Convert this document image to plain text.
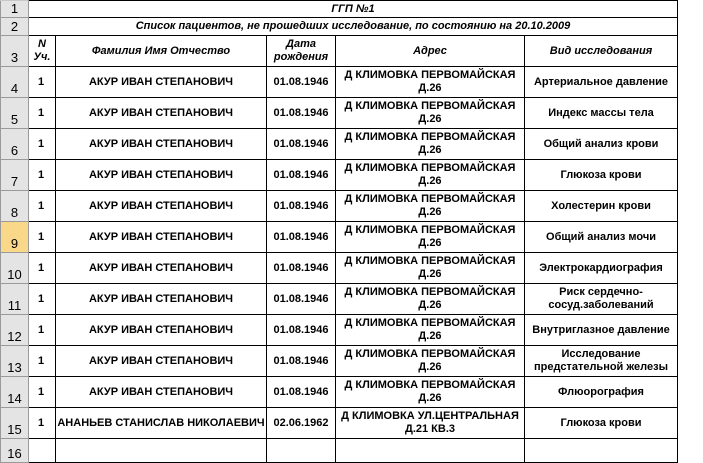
1	ГГП №1				
2	Список пациентов, не прошедших исследование, по состоянию на 20.10.2009				
3	N Уч.	Фамилия Имя Отчество	Дата рождения	Адрес	Вид исследования
4	1	АКУР ИВАН СТЕПАНОВИЧ	01.08.1946	Д КЛИМОВКА ПЕРВОМАЙСКАЯ Д.26	Артериальное давление
5	1	АКУР ИВАН СТЕПАНОВИЧ	01.08.1946	Д КЛИМОВКА ПЕРВОМАЙСКАЯ Д.26	Индекс массы тела
6	1	АКУР ИВАН СТЕПАНОВИЧ	01.08.1946	Д КЛИМОВКА ПЕРВОМАЙСКАЯ Д.26	Общий анализ крови
7	1	АКУР ИВАН СТЕПАНОВИЧ	01.08.1946	Д КЛИМОВКА ПЕРВОМАЙСКАЯ Д.26	Глюкоза крови
8	1	АКУР ИВАН СТЕПАНОВИЧ	01.08.1946	Д КЛИМОВКА ПЕРВОМАЙСКАЯ Д.26	Холестерин крови
9	1	АКУР ИВАН СТЕПАНОВИЧ	01.08.1946	Д КЛИМОВКА ПЕРВОМАЙСКАЯ Д.26	Общий анализ мочи
10	1	АКУР ИВАН СТЕПАНОВИЧ	01.08.1946	Д КЛИМОВКА ПЕРВОМАЙСКАЯ Д.26	Электрокардиография
11	1	АКУР ИВАН СТЕПАНОВИЧ	01.08.1946	Д КЛИМОВКА ПЕРВОМАЙСКАЯ Д.26	Риск сердечно-сосуд.заболеваний
12	1	АКУР ИВАН СТЕПАНОВИЧ	01.08.1946	Д КЛИМОВКА ПЕРВОМАЙСКАЯ Д.26	Внутриглазное давление
13	1	АКУР ИВАН СТЕПАНОВИЧ	01.08.1946	Д КЛИМОВКА ПЕРВОМАЙСКАЯ Д.26	Исследование предстательной железы
14	1	АКУР ИВАН СТЕПАНОВИЧ	01.08.1946	Д КЛИМОВКА ПЕРВОМАЙСКАЯ Д.26	Флюорография
15	1	АНАНЬЕВ СТАНИСЛАВ НИКОЛАЕВИЧ	02.06.1962	Д КЛИМОВКА УЛ.ЦЕНТРАЛЬНАЯ Д.21 КВ.3	Глюкоза крови
16					
